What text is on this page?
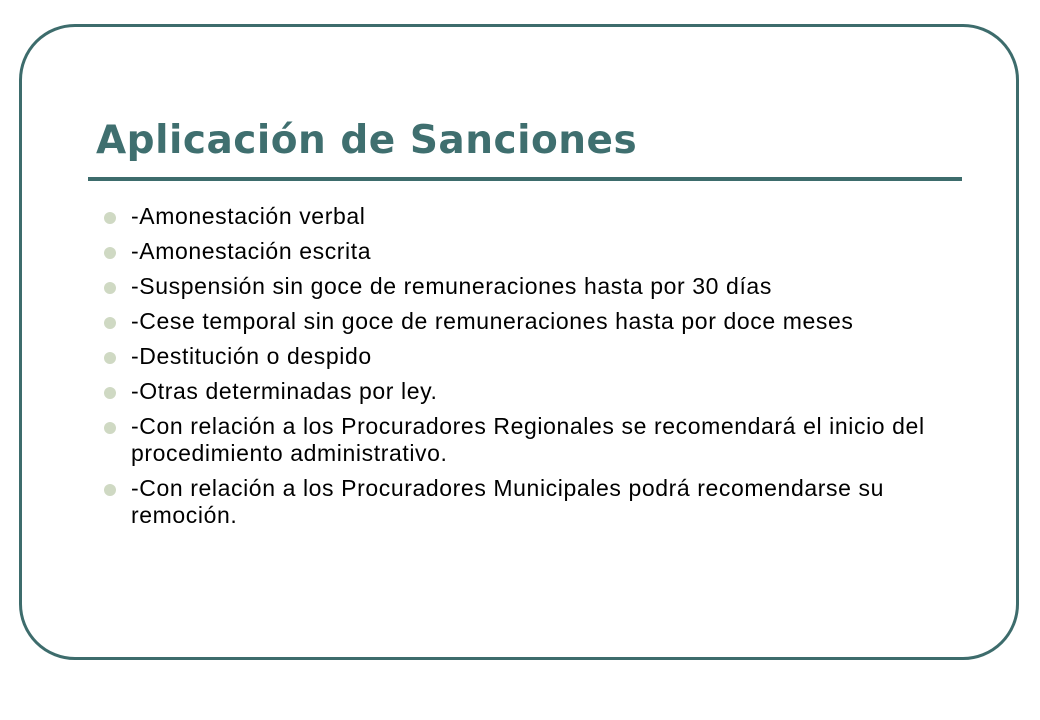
Aplicación de Sanciones
-Amonestación verbal
-Amonestación escrita
-Suspensión sin goce de remuneraciones hasta por 30 días
-Cese temporal sin goce de remuneraciones hasta por doce meses
-Destitución o despido
-Otras determinadas por ley.
-Con relación a los Procuradores Regionales se recomendará el inicio del procedimiento administrativo.
-Con relación a los Procuradores Municipales podrá recomendarse su remoción.
